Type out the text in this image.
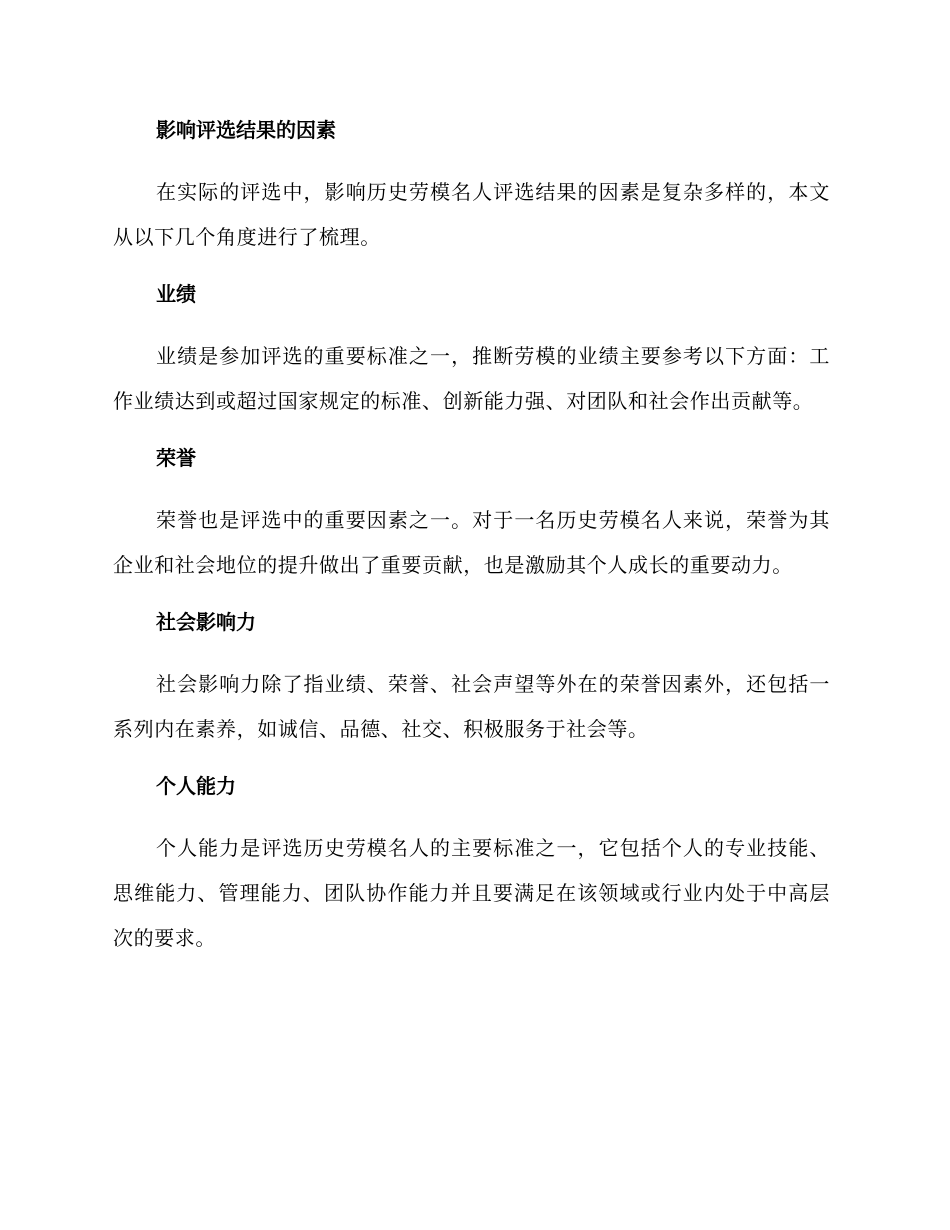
影响评选结果的因素

在实际的评选中，影响历史劳模名人评选结果的因素是复杂多样的，本文从以下几个角度进行了梳理。

业绩

业绩是参加评选的重要标准之一，推断劳模的业绩主要参考以下方面：工作业绩达到或超过国家规定的标准、创新能力强、对团队和社会作出贡献等。

荣誉

荣誉也是评选中的重要因素之一。对于一名历史劳模名人来说，荣誉为其企业和社会地位的提升做出了重要贡献，也是激励其个人成长的重要动力。

社会影响力

社会影响力除了指业绩、荣誉、社会声望等外在的荣誉因素外，还包括一系列内在素养，如诚信、品德、社交、积极服务于社会等。

个人能力

个人能力是评选历史劳模名人的主要标准之一，它包括个人的专业技能、思维能力、管理能力、团队协作能力并且要满足在该领域或行业内处于中高层次的要求。
